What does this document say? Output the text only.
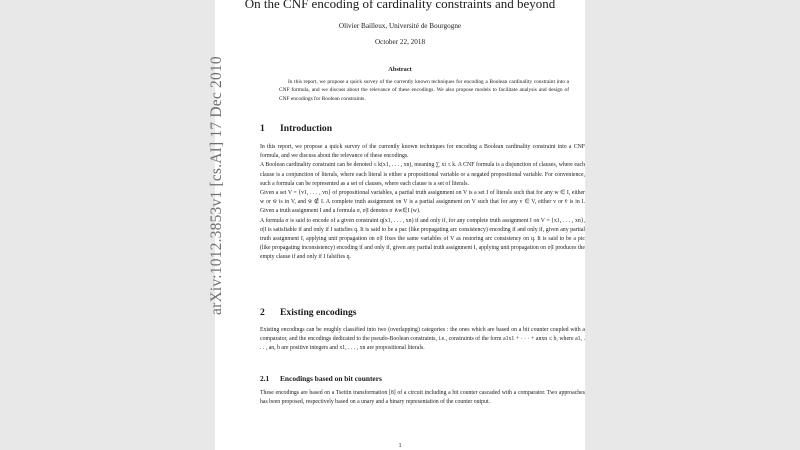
On the CNF encoding of cardinality constraints and beyond
Olivier Bailleux, Université de Bourgogne
October 22, 2018
Abstract

In this report, we propose a quick survey of the currently known techniques for encoding a Boolean cardinality constraint into a CNF formula, and we discuss about the relevance of these encodings. We also propose models to facilitate analysis and design of CNF encodings for Boolean constraints.

1 Introduction

In this report, we propose a quick survey of the currently known techniques for encoding a Boolean cardinality constraint into a CNF formula, and we discuss about the relevance of these encodings.
A Boolean cardinality constraint can be denoted ≤ k(x1, . . . , xn), meaning ∑ xi ≤ k. A CNF formula is a disjunction of clauses, where each clause is a conjunction of literals, where each literal is either a propositional variable or a negated propositional variable. For convenience, such a formula can be represented as a set of clauses, where each clause is a set of literals.
Given a set V = {v1, . . . , vn} of propositional variables, a partial truth assignment on V is a set I of literals such that for any w ∈ I, either w or w̄ is in V, and w̄ ∉ I. A complete truth assignment on V is a partial assignment on V such that for any v ∈ V, either v or v̄ is in I. Given a truth assignment I and a formula σ, σ|I denotes σ ∧w∈I (w).
A formula σ is said to encode of a given constraint q(x1, . . . , xn) if and only if, for any complete truth assignment I on V = {x1, . . . , xn}, σ|I is satisfiable if and only if I satisfies q. It is said to be a pac (like propagating arc consistency) encoding if and only if, given any partial truth assignment I, applying unit propagation on σ|I fixes the same variables of V as restoring arc consistency on q. It is said to be a pic (like propagating inconsistency) encoding if and only if, given any partial truth assignment I, applying unit propagation on σ|I produces the empty clause if and only if I falsifies q.

2 Existing encodings

Existing encodings can be roughly classified into two (overlapping) categories : the ones which are based on a bit counter coupled with a comparator, and the encodings dedicated to the pseudo-Boolean constraints, i.e., constraints of the form a1x1 + · · · + anxn ≤ b, where a1, . . . , an, b are positive integers and x1, . . . , xn are propositional literals.

2.1 Encodings based on bit counters

These encodings are based on a Tseitin transformation [8] of a circuit including a bit counter cascaded with a comparator. Two approaches has been proposed, respectively based on a unary and a binary representation of the counter output.

1
arXiv:1012.3853v1 [cs.AI] 17 Dec 2010
